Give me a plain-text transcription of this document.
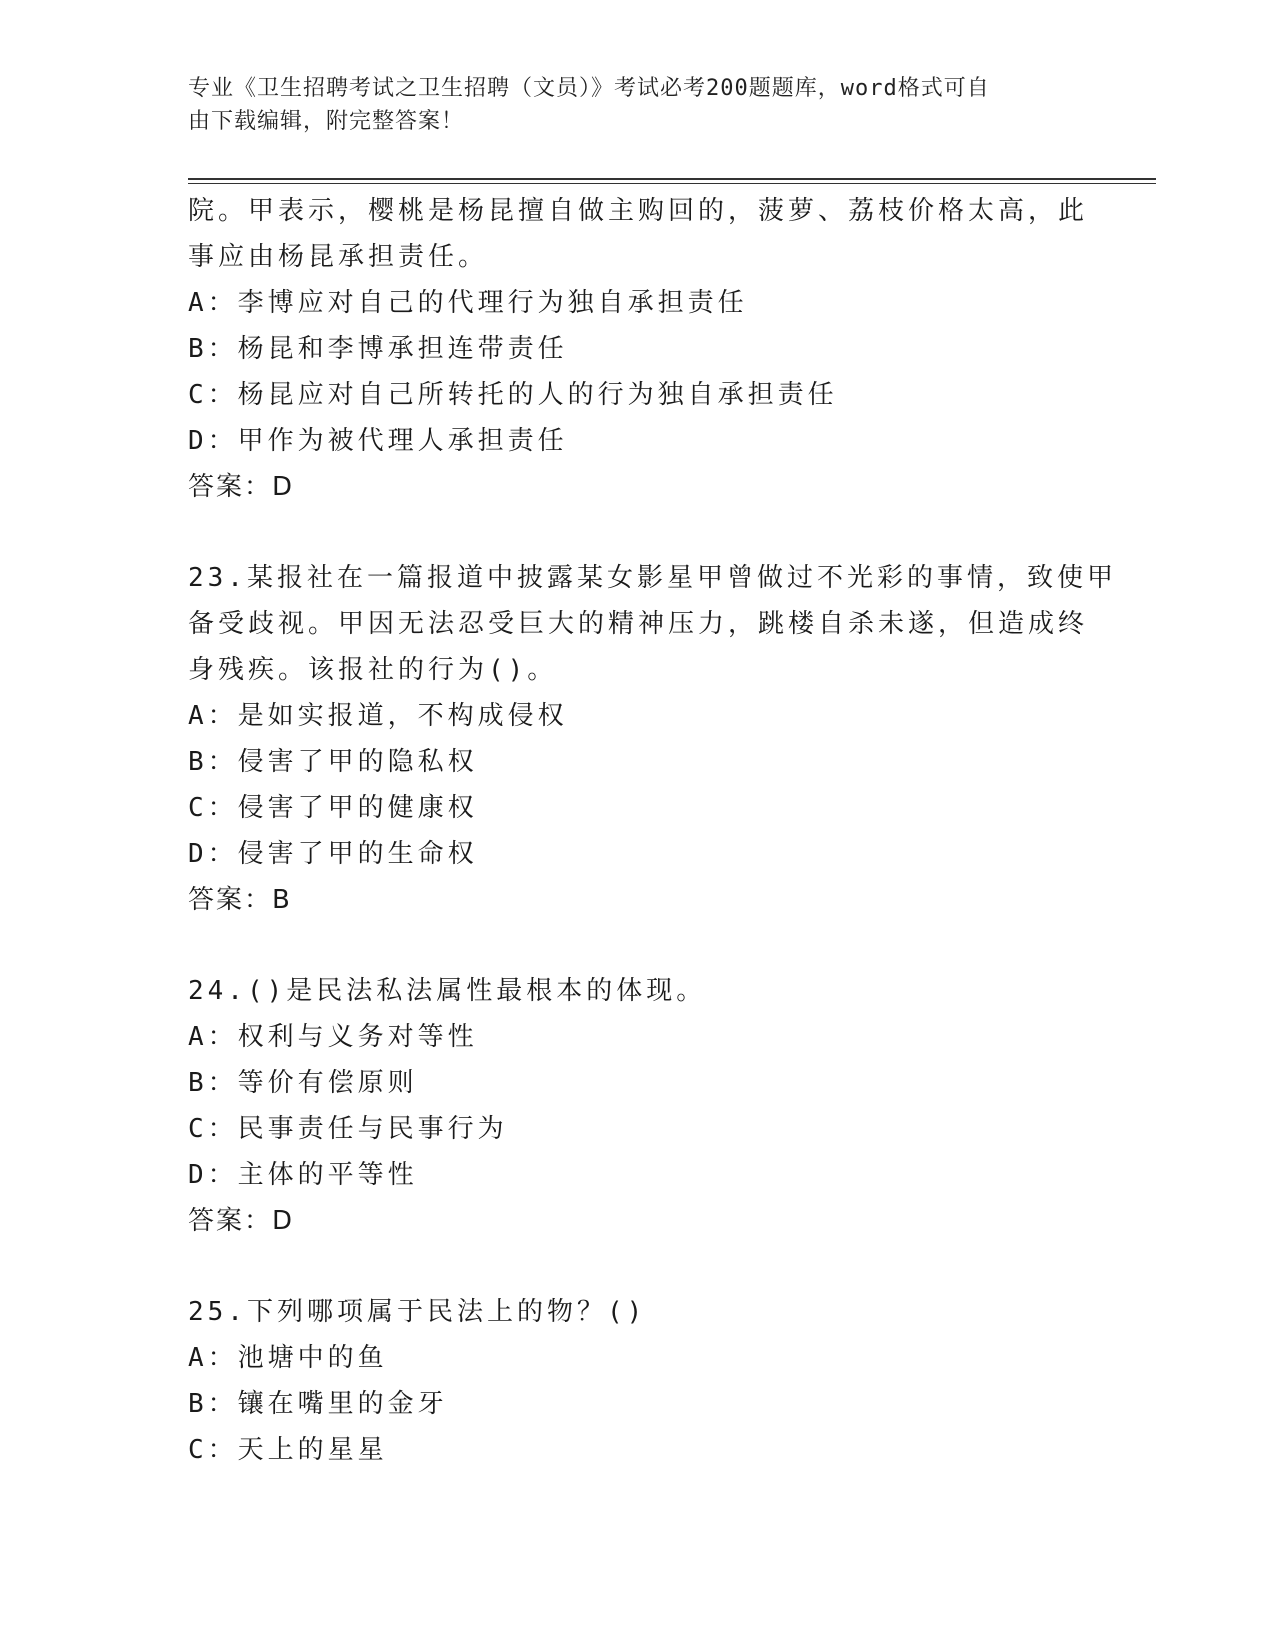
专业《卫生招聘考试之卫生招聘（文员）》考试必考200题题库，word格式可自
由下载编辑，附完整答案！
院。甲表示，樱桃是杨昆擅自做主购回的，菠萝、荔枝价格太高，此
事应由杨昆承担责任。
A：李博应对自己的代理行为独自承担责任
B：杨昆和李博承担连带责任
C：杨昆应对自己所转托的人的行为独自承担责任
D：甲作为被代理人承担责任
答案：D
23.某报社在一篇报道中披露某女影星甲曾做过不光彩的事情，致使甲
备受歧视。甲因无法忍受巨大的精神压力，跳楼自杀未遂，但造成终
身残疾。该报社的行为()。
A：是如实报道，不构成侵权
B：侵害了甲的隐私权
C：侵害了甲的健康权
D：侵害了甲的生命权
答案：B
24.()是民法私法属性最根本的体现。
A：权利与义务对等性
B：等价有偿原则
C：民事责任与民事行为
D：主体的平等性
答案：D
25.下列哪项属于民法上的物？()
A：池塘中的鱼
B：镶在嘴里的金牙
C：天上的星星
